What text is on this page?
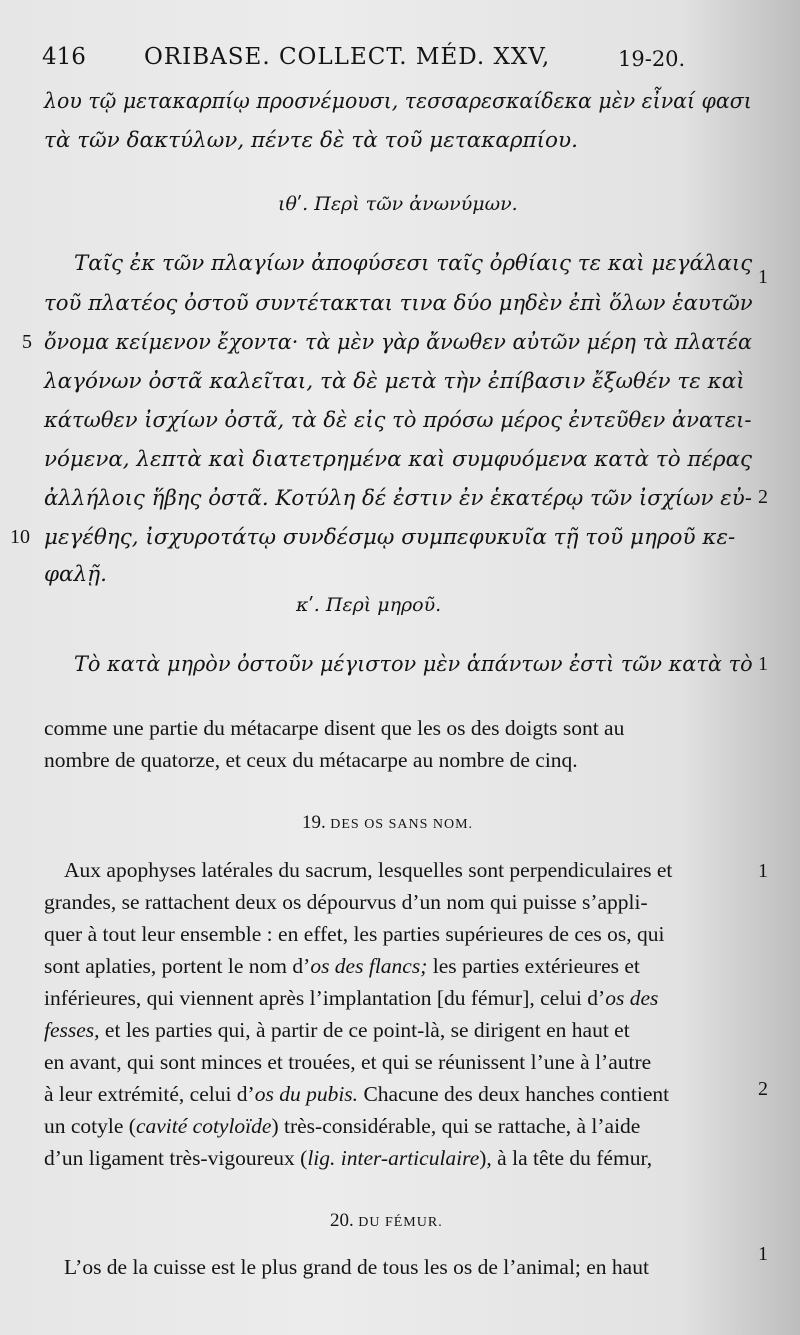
416	ORIBASE. COLLECT. MÉD. XXV,	19-20.
λου τῷ μετακαρπίῳ προσνέμουσι, τεσσαρεσκαίδεκα μὲν εἶναί φασι
τὰ τῶν δακτύλων, πέντε δὲ τὰ τοῦ μετακαρπίου.
ιθʹ. Περὶ τῶν ἀνωνύμων.
Ταῖς ἐκ τῶν πλαγίων ἀποφύσεσι ταῖς ὀρθίαις τε καὶ μεγάλαις
τοῦ πλατέος ὀστοῦ συντέτακται τινα δύο μηδὲν ἐπὶ ὅλων ἑαυτῶν
ὄνομα κείμενον ἔχοντα· τὰ μὲν γὰρ ἄνωθεν αὐτῶν μέρη τὰ πλατέα
λαγόνων ὀστᾶ καλεῖται, τὰ δὲ μετὰ τὴν ἐπίβασιν ἔξωθέν τε καὶ
κάτωθεν ἰσχίων ὀστᾶ, τὰ δὲ εἰς τὸ πρόσω μέρος ἐντεῦθεν ἀνατει-
νόμενα, λεπτὰ καὶ διατετρημένα καὶ συμφυόμενα κατὰ τὸ πέρας
ἀλλήλοις ἥβης ὀστᾶ. Κοτύλη δέ ἐστιν ἐν ἑκατέρῳ τῶν ἰσχίων εὐ-
μεγέθης, ἰσχυροτάτῳ συνδέσμῳ συμπεφυκυῖα τῇ τοῦ μηροῦ κε-
φαλῇ.
5
10
1
2
κʹ. Περὶ μηροῦ.
Τὸ κατὰ μηρὸν ὀστοῦν μέγιστον μὲν ἁπάντων ἐστὶ τῶν κατὰ τὸ 1
comme une partie du métacarpe disent que les os des doigts sont au
nombre de quatorze, et ceux du métacarpe au nombre de cinq.
19. DES OS SANS NOM.
Aux apophyses latérales du sacrum, lesquelles sont perpendiculaires et
grandes, se rattachent deux os dépourvus d’un nom qui puisse s’appli-
quer à tout leur ensemble : en effet, les parties supérieures de ces os, qui
sont aplaties, portent le nom d’os des flancs; les parties extérieures et
inférieures, qui viennent après l’implantation [du fémur], celui d’os des
fesses, et les parties qui, à partir de ce point-là, se dirigent en haut et
en avant, qui sont minces et trouées, et qui se réunissent l’une à l’autre
à leur extrémité, celui d’os du pubis. Chacune des deux hanches contient
un cotyle (cavité cotyloïde) très-considérable, qui se rattache, à l’aide
d’un ligament très-vigoureux (lig. inter-articulaire), à la tête du fémur,
1
2
20. DU FÉMUR.
L’os de la cuisse est le plus grand de tous les os de l’animal; en haut
1
